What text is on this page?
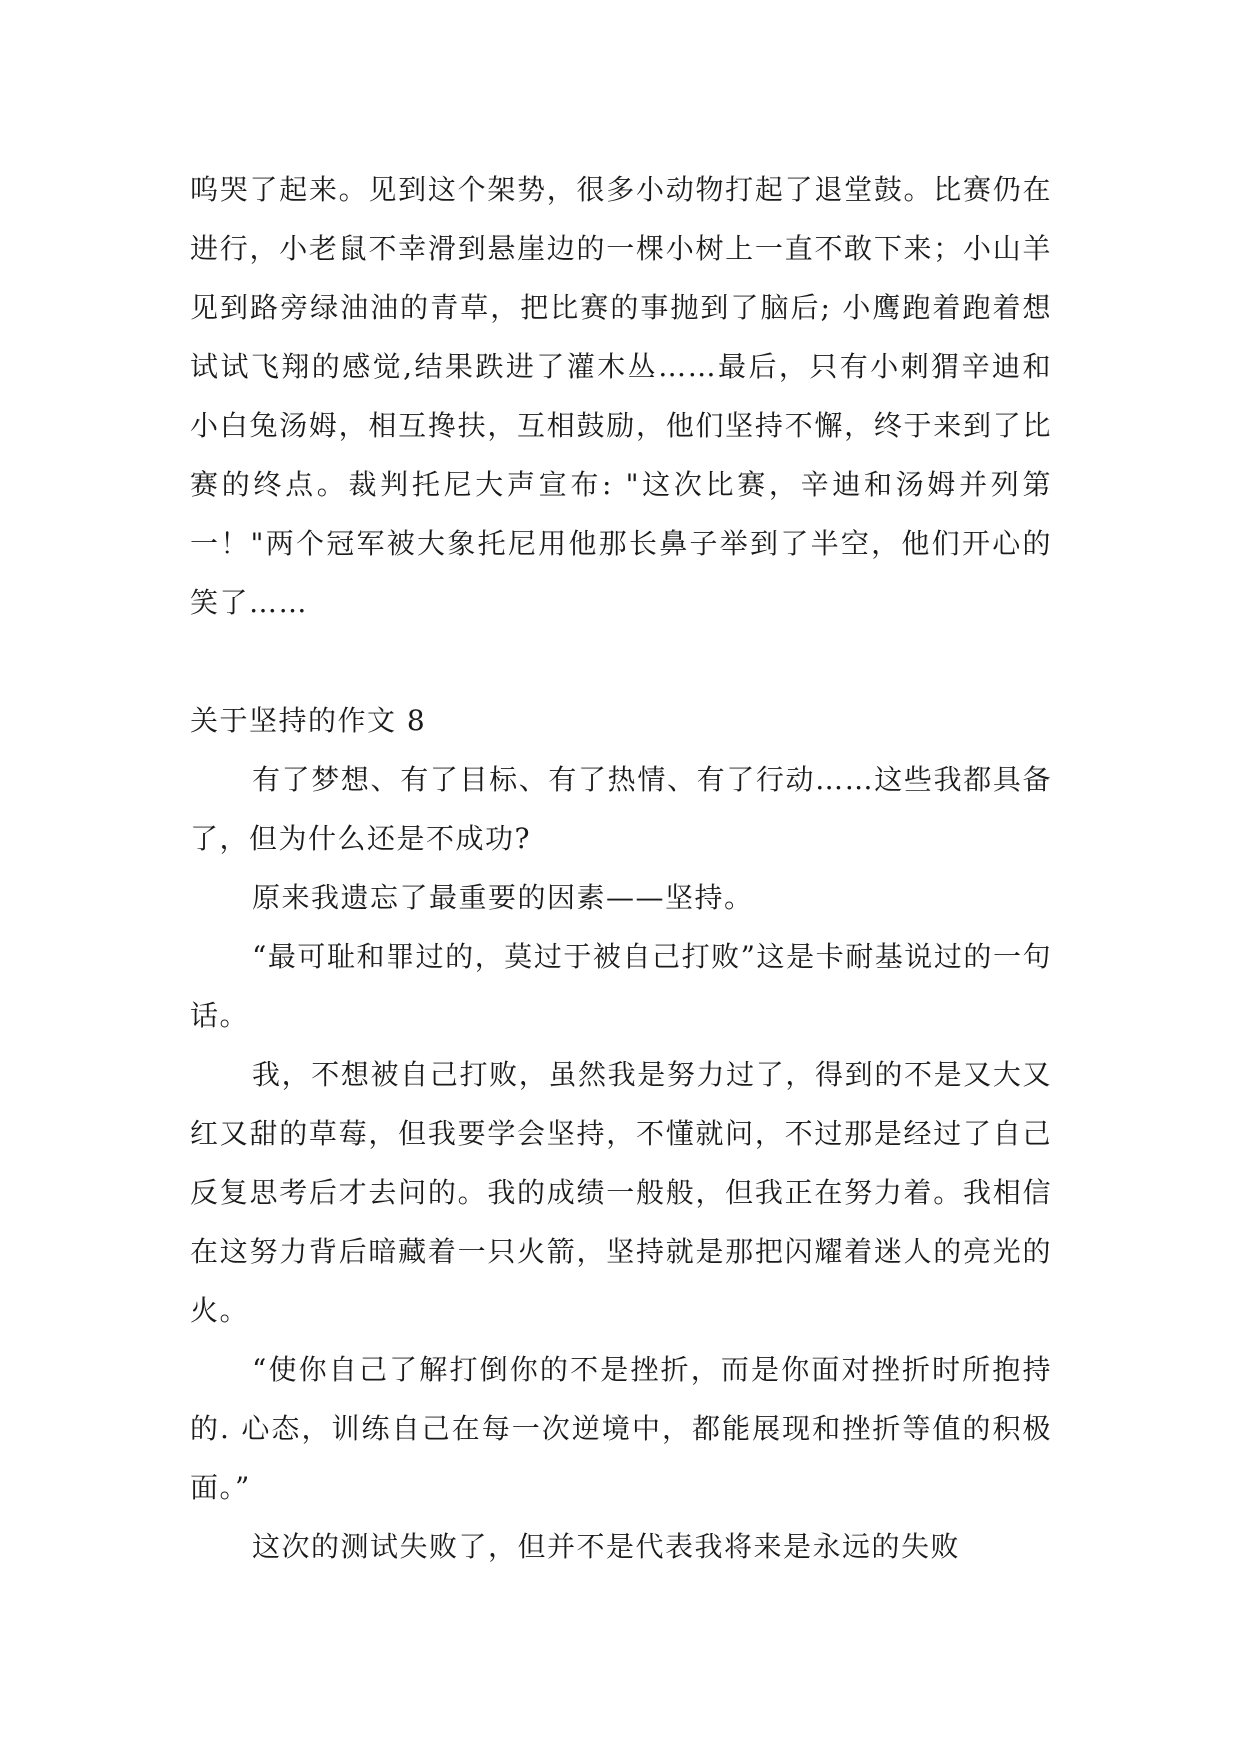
呜哭了起来。见到这个架势，很多小动物打起了退堂鼓。比赛仍在进行，小老鼠不幸滑到悬崖边的一棵小树上一直不敢下来；小山羊见到路旁绿油油的青草，把比赛的事抛到了脑后; 小鹰跑着跑着想试试飞翔的感觉,结果跌进了灌木丛……最后，只有小刺猬辛迪和小白兔汤姆，相互搀扶，互相鼓励，他们坚持不懈，终于来到了比赛的终点。裁判托尼大声宣布: "这次比赛，辛迪和汤姆并列第一！"两个冠军被大象托尼用他那长鼻子举到了半空，他们开心的笑了……

关于坚持的作文 8

有了梦想、有了目标、有了热情、有了行动……这些我都具备了，但为什么还是不成功?

原来我遗忘了最重要的因素——坚持。

“最可耻和罪过的，莫过于被自己打败”这是卡耐基说过的一句话。

我，不想被自己打败，虽然我是努力过了，得到的不是又大又红又甜的草莓，但我要学会坚持，不懂就问，不过那是经过了自己反复思考后才去问的。我的成绩一般般，但我正在努力着。我相信在这努力背后暗藏着一只火箭，坚持就是那把闪耀着迷人的亮光的火。

“使你自己了解打倒你的不是挫折，而是你面对挫折时所抱持的. 心态，训练自己在每一次逆境中，都能展现和挫折等值的积极面。”

这次的测试失败了，但并不是代表我将来是永远的失败
